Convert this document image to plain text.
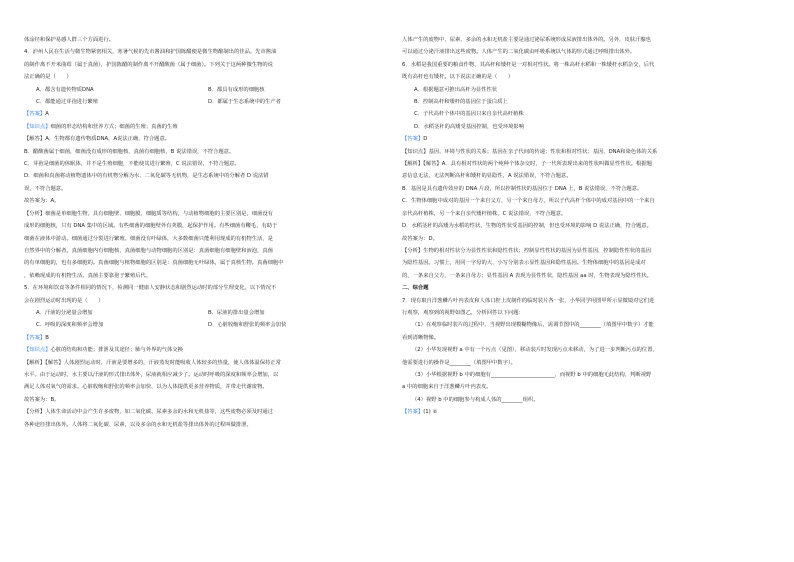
体涂径和保护易感人群三个方面进行。
4．泸州人民在生活与微生物紧密相关，寒暑气候的先市酱油和护国陈醋便是微生物酿制出的佳品。先市酱油
的制作离不开米曲霉（属于真菌），护国陈醋的制作离不开醋酸菌（属于细菌）。下列关于这两种微生物的说
法正确的是（　　）
A．都含有遗传物质DNA	B．都具有成形的细胞核
C．都能通过芽孢进行繁殖	D．都属于生态系统中的生产者
【答案】A
【知识点】细菌的形态结构和营养方式；细菌的生殖；真菌的生殖
【解答】A．生物都有遗传物质DNA，A说法正确，符合题意。
B．醋酸菌属于细菌，细菌没有成形的细胞核，真菌有细胞核，B 说法错误，不符合题意。
C．芽孢是细菌的休眠体，并不是生殖细胞，不能使其进行繁殖，C 说法错误，不符合题意。
D．细菌和真菌将动植物遗体中的有机物分解为水、二氧化碳等无机物，是生态系统中的分解者 D 说法错
误，不符合题意。
故答案为：A。
【分析】细菌是单细胞生物，具有细胞壁、细胞膜、细胞质等结构，与动植物细胞的主要区别是，细菌没有
成形的细胞核，只有 DNA 集中的区域。有些细菌的细胞壁外有荚膜，起保护作用。有些细菌有鞭毛，有助于
细菌在液体中游动。细菌通过分裂进行繁殖。细菌没有叶绿体，大多数细菌只能利用现成的有机物生活，是
自然界中的分解者。真菌细胞内有细胞核，真菌细胞与动物细胞的区别是：真菌细胞有细胞壁和液泡，真菌
的有单细胞的，也有多细胞的。真菌细胞与植物细胞的区别是：真菌细胞无叶绿体，属于真核生物。真菌细胞中
，依赖现成的有机物生活。真菌主要靠孢子繁殖后代。
5．在环境和饮食等条件相同的情况下，检测同一健康人安静状态和剧烈运动时的部分生理变化，以下情况不
会在剧烈运动时出现的是（　　）
A．汗液的分泌量会增加	B．尿液的排出量会增加
C．呼吸的深度和频率会增加	D．心脏收缩和舒张的频率会加快
【答案】B
【知识点】心脏的结构和功能；排泄及其途径；肺与外界的气体交换
【解析】【解答】人体剧烈运动时，汗液是要增多的，汗液蒸发时能吸收人体较多的热量，使人体体温保持正常
水平。由于运动时，水主要以汗液的形式排出体外，尿液就相应减少了。运动时呼吸的深度和频率会增加，以
满足人体对氧气的需求。心脏收缩和舒张的频率会加快，以为人体提供更多营养物质，并带走代谢废物。
故答案为：B。
【分析】人体生命活动中会产生许多废物，如二氧化碳、尿素多余的水和无机盐等，这些废物必须及时通过
各种途径排出体外。人体将二氧化碳、尿素，以及多余的水和无机盐等排出体外的过程叫做排泄。
人体产生的废物中，尿素、多余的水和无机盐主要是通过泌尿系统形成尿液排出体外的。另外，皮肤汗腺也
可以通过分泌汗液排出这些废物。人体产生的二氧化碳由呼吸系统以气体的形式通过呼吸排出体外。
6．水稻是我国重要的粮食作物，其高杆和矮杆是一对相对性状。将一株高杆水稻和一株矮杆水稻杂交，后代
既有高杆也有矮杆。以下说法正确的是（　　）
A．根据题意可推出高杆为显性性状
B．控制高杆和矮杆的基因位于蛋白质上
C．子代高杆个体中的基因只来自亲代高杆植株
D．水稻茎秆的高矮受基因控制，也受环境影响
【答案】D
【知识点】基因、环境与性状的关系；基因在亲子代间的传递；性状和相对性状；基因、DNA和染色体的关系
【解析】【解答】A．具有相对性状的两个纯种个体杂交时，子一代所表现出来的性状叫做显性性状。根据题
意信息无法，无法判断高杆和矮杆的显隐性，A 说法错误，不符合题意。
B．基因是具有遗传效应的 DNA 片段，所以控制性状的基因位于 DNA 上，B 说法错误，不符合题意。
C．生物体细胞中成对的基因一个来自父方，另一个来自母方，所以子代高杆个体中的成对基因中的一个来自
亲代高杆植株，另一个来自亲代矮杆植株，C 说法错误，不符合题意。
D．水稻茎秆的高矮为水稻的性状，生物的性状受基因的控制，但也受环境的影响 D 说法正确，符合题意。
故答案为：D。
【分析】生物的相对性状分为显性性状和隐性性状；控制显性性状的基因为显性基因，控制隐性性状的基因
为隐性基因。习惯上，用同一字母的大、小写分别表示显性基因和隐性基因。生物体细胞中的基因是成对
的，一条来自父方，一条来自母方；显性基因 A 表现为显性性状，隐性基因 aa 时，生物表现为隐性性状。
二、综合题
7．现有取自洋葱鳞片叶内表皮和人体口腔上皮制作的临时装片各一张，小华同学用图甲所示显微镜对它们进
行观察，观察到的视野如图乙，分析回答以下问题：
（1）在观察临时装片的过程中，当视野出现模糊物像后，需调节图中的________（填图甲中数字）才能
看到清晰物像。
（2）小华发现视野 a 中有一个污点（见图），移动装片时发现污点未移动，为了进一步判断污点的位置，
他需要进行的操作是________（填图甲中数字）。
（3）小华根据视野 b 中的细胞有________________________，而视野 b 中的细胞无此结构，判断视野
a 中的细胞来自于洋葱鳞片叶内表皮。
（4）视野 b 中的细胞参与构成人体的________组织。
【答案】(1) ②
